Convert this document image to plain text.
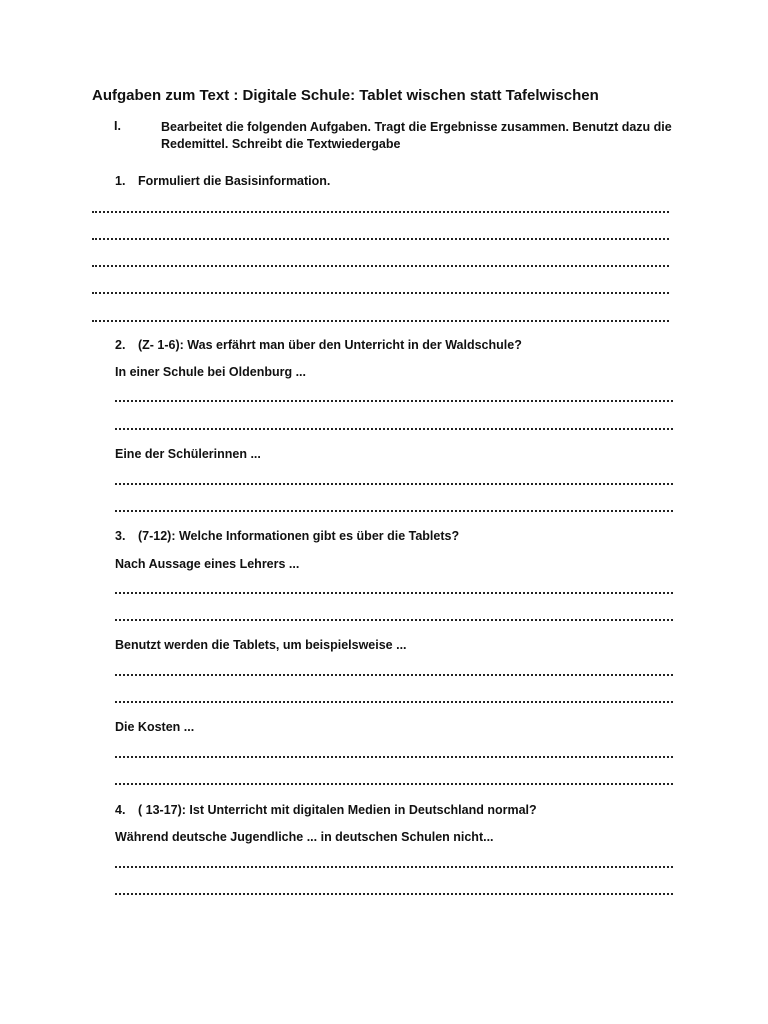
Aufgaben zum Text : Digitale Schule: Tablet wischen statt Tafelwischen
I.	Bearbeitet die folgenden Aufgaben. Tragt die Ergebnisse zusammen. Benutzt dazu die Redemittel. Schreibt die Textwiedergabe
1. Formuliert die Basisinformation.
2. (Z- 1-6): Was erfährt man über den Unterricht in der Waldschule?
In einer Schule bei Oldenburg ...
Eine der Schülerinnen ...
3. (7-12): Welche Informationen gibt es über die Tablets?
Nach Aussage eines Lehrers ...
Benutzt werden die Tablets, um beispielsweise ...
Die Kosten ...
4. ( 13-17): Ist Unterricht mit digitalen Medien in Deutschland normal?
Während deutsche Jugendliche ... in deutschen Schulen nicht...
